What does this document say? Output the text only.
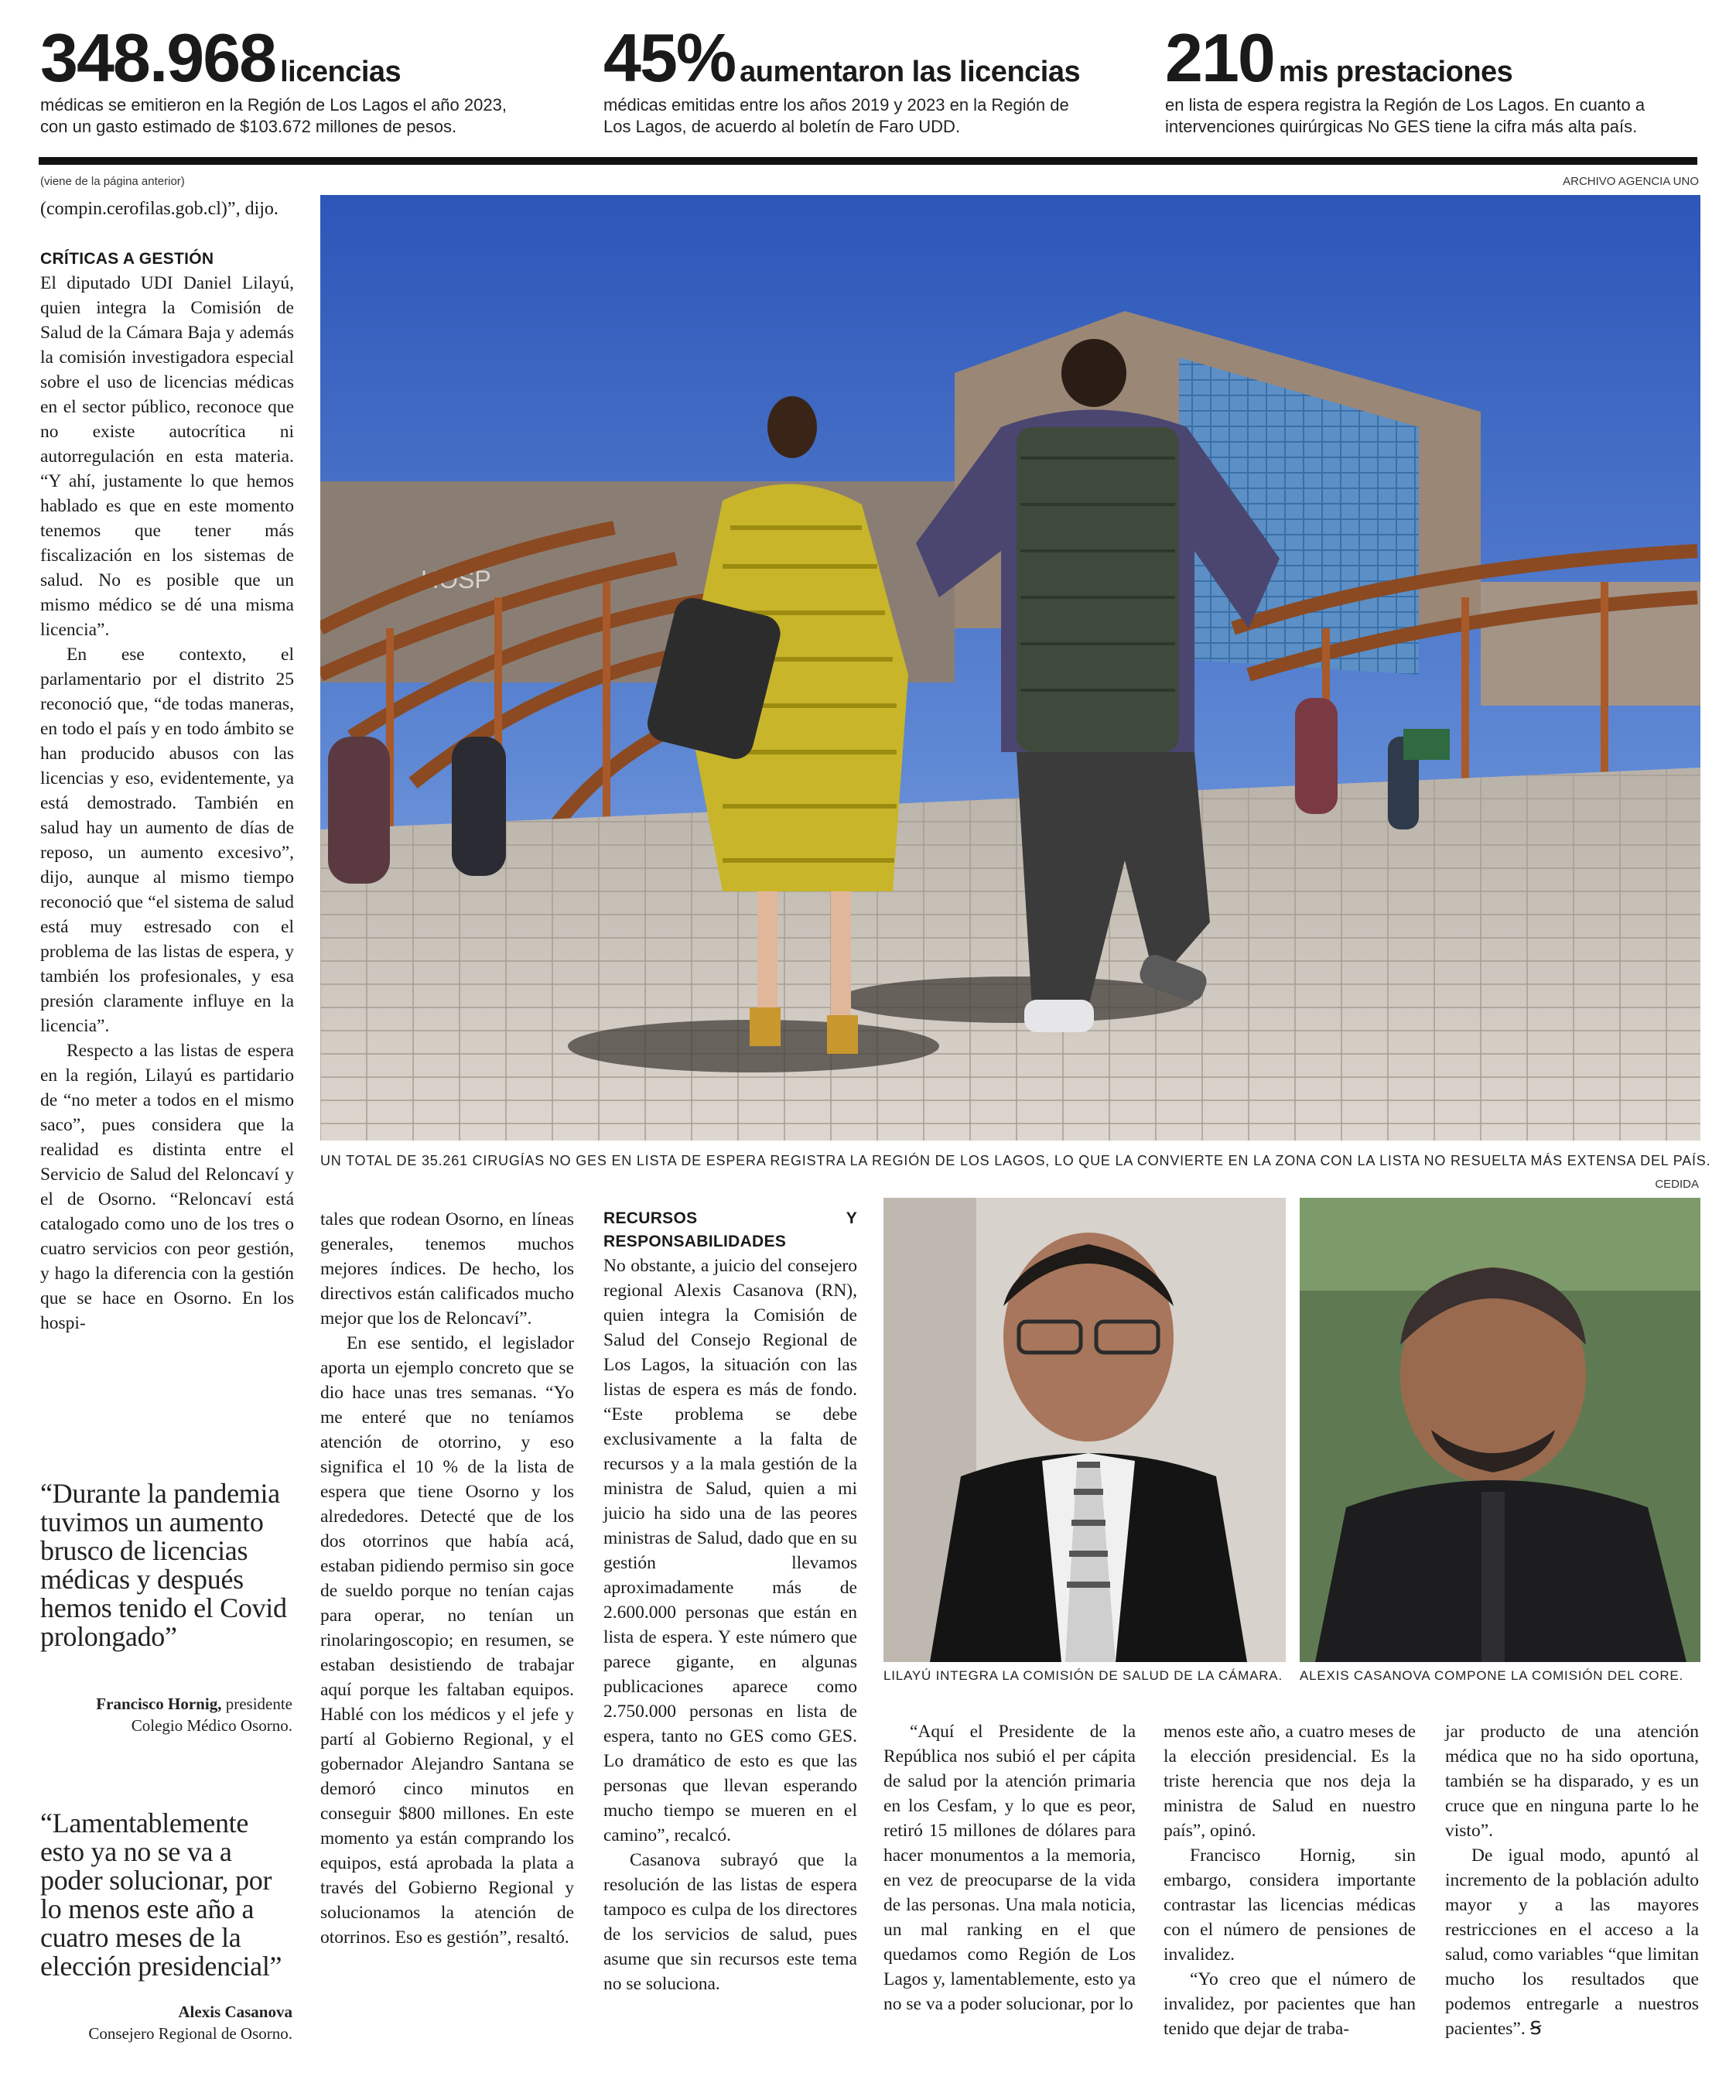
348.968 licencias
médicas se emitieron en la Región de Los Lagos el año 2023,
con un gasto estimado de $103.672 millones de pesos.
45% aumentaron las licencias
médicas emitidas entre los años 2019 y 2023 en la Región de
Los Lagos, de acuerdo al boletín de Faro UDD.
210 mis prestaciones
en lista de espera registra la Región de Los Lagos. En cuanto a
intervenciones quirúrgicas No GES tiene la cifra más alta país.
(viene de la página anterior)	ARCHIVO AGENCIA UNO
HOSP
UN TOTAL DE 35.261 CIRUGÍAS NO GES EN LISTA DE ESPERA REGISTRA LA REGIÓN DE LOS LAGOS, LO QUE LA CONVIERTE EN LA ZONA CON LA LISTA NO RESUELTA MÁS EXTENSA DEL PAÍS.
CEDIDA

(compin.cerofilas.gob.cl)”, dijo.

CRÍTICAS A GESTIÓN

El diputado UDI Daniel Lilayú, quien integra la Comisión de Salud de la Cámara Baja y además la comisión investigadora especial sobre el uso de licencias médicas en el sector público, reconoce que no existe autocrítica ni autorregulación en esta materia. “Y ahí, justamente lo que hemos hablado es que en este momento tenemos que tener más fiscalización en los sistemas de salud. No es posible que un mismo médico se dé una misma licencia”.

En ese contexto, el parlamentario por el distrito 25 reconoció que, “de todas maneras, en todo el país y en todo ámbito se han producido abusos con las licencias y eso, evidentemente, ya está demostrado. También en salud hay un aumento de días de reposo, un aumento excesivo”, dijo, aunque al mismo tiempo reconoció que “el sistema de salud está muy estresado con el problema de las listas de espera, y también los profesionales, y esa presión claramente influye en la licencia”.

Respecto a las listas de espera en la región, Lilayú es partidario de “no meter a todos en el mismo saco”, pues considera que la realidad es distinta entre el Servicio de Salud del Reloncaví y el de Osorno. “Reloncaví está catalogado como uno de los tres o cuatro servicios con peor gestión, y hago la diferencia con la gestión que se hace en Osorno. En los hospi-

“Durante la pandemia tuvimos un aumento brusco de licencias médicas y después hemos tenido el Covid prolongado”
Francisco Hornig, presidente
Colegio Médico Osorno.
“Lamentablemente esto ya no se va a poder solucionar, por lo menos este año a cuatro meses de la elección presidencial”
Alexis Casanova
Consejero Regional de Osorno.

tales que rodean Osorno, en líneas generales, tenemos muchos mejores índices. De hecho, los directivos están calificados mucho mejor que los de Reloncaví”.

En ese sentido, el legislador aporta un ejemplo concreto que se dio hace unas tres semanas. “Yo me enteré que no teníamos atención de otorrino, y eso significa el 10 % de la lista de espera que tiene Osorno y los alrededores. Detecté que de los dos otorrinos que había acá, estaban pidiendo permiso sin goce de sueldo porque no tenían cajas para operar, no tenían un rinolaringoscopio; en resumen, se estaban desistiendo de trabajar aquí porque les faltaban equipos. Hablé con los médicos y el jefe y partí al Gobierno Regional, y el gobernador Alejandro Santana se demoró cinco minutos en conseguir $800 millones. En este momento ya están comprando los equipos, está aprobada la plata a través del Gobierno Regional y solucionamos la atención de otorrinos. Eso es gestión”, resaltó.

RECURSOS Y RESPONSABILIDADES

No obstante, a juicio del consejero regional Alexis Casanova (RN), quien integra la Comisión de Salud del Consejo Regional de Los Lagos, la situación con las listas de espera es más de fondo. “Este problema se debe exclusivamente a la falta de recursos y a la mala gestión de la ministra de Salud, quien a mi juicio ha sido una de las peores ministras de Salud, dado que en su gestión llevamos aproximadamente más de 2.600.000 personas que están en lista de espera. Y este número que parece gigante, en algunas publicaciones aparece como 2.750.000 personas en lista de espera, tanto no GES como GES. Lo dramático de esto es que las personas que llevan esperando mucho tiempo se mueren en el camino”, recalcó.

Casanova subrayó que la resolución de las listas de espera tampoco es culpa de los directores de los servicios de salud, pues asume que sin recursos este tema no se soluciona.

LILAYÚ INTEGRA LA COMISIÓN DE SALUD DE LA CÁMARA. ALEXIS CASANOVA COMPONE LA COMISIÓN DEL CORE.

“Aquí el Presidente de la República nos subió el per cápita de salud por la atención primaria en los Cesfam, y lo que es peor, retiró 15 millones de dólares para hacer monumentos a la memoria, en vez de preocuparse de la vida de las personas. Una mala noticia, un mal ranking en el que quedamos como Región de Los Lagos y, lamentablemente, esto ya no se va a poder solucionar, por lo

menos este año, a cuatro meses de la elección presidencial. Es la triste herencia que nos deja la ministra de Salud en nuestro país”, opinó.

Francisco Hornig, sin embargo, considera importante contrastar las licencias médicas con el número de pensiones de invalidez.

“Yo creo que el número de invalidez, por pacientes que han tenido que dejar de traba-

jar producto de una atención médica que no ha sido oportuna, también se ha disparado, y es un cruce que en ninguna parte lo he visto”.

De igual modo, apuntó al incremento de la población adulto mayor y a las mayores restricciones en el acceso a la salud, como variables “que limitan mucho los resultados que podemos entregarle a nuestros pacientes”. Ꞩ
